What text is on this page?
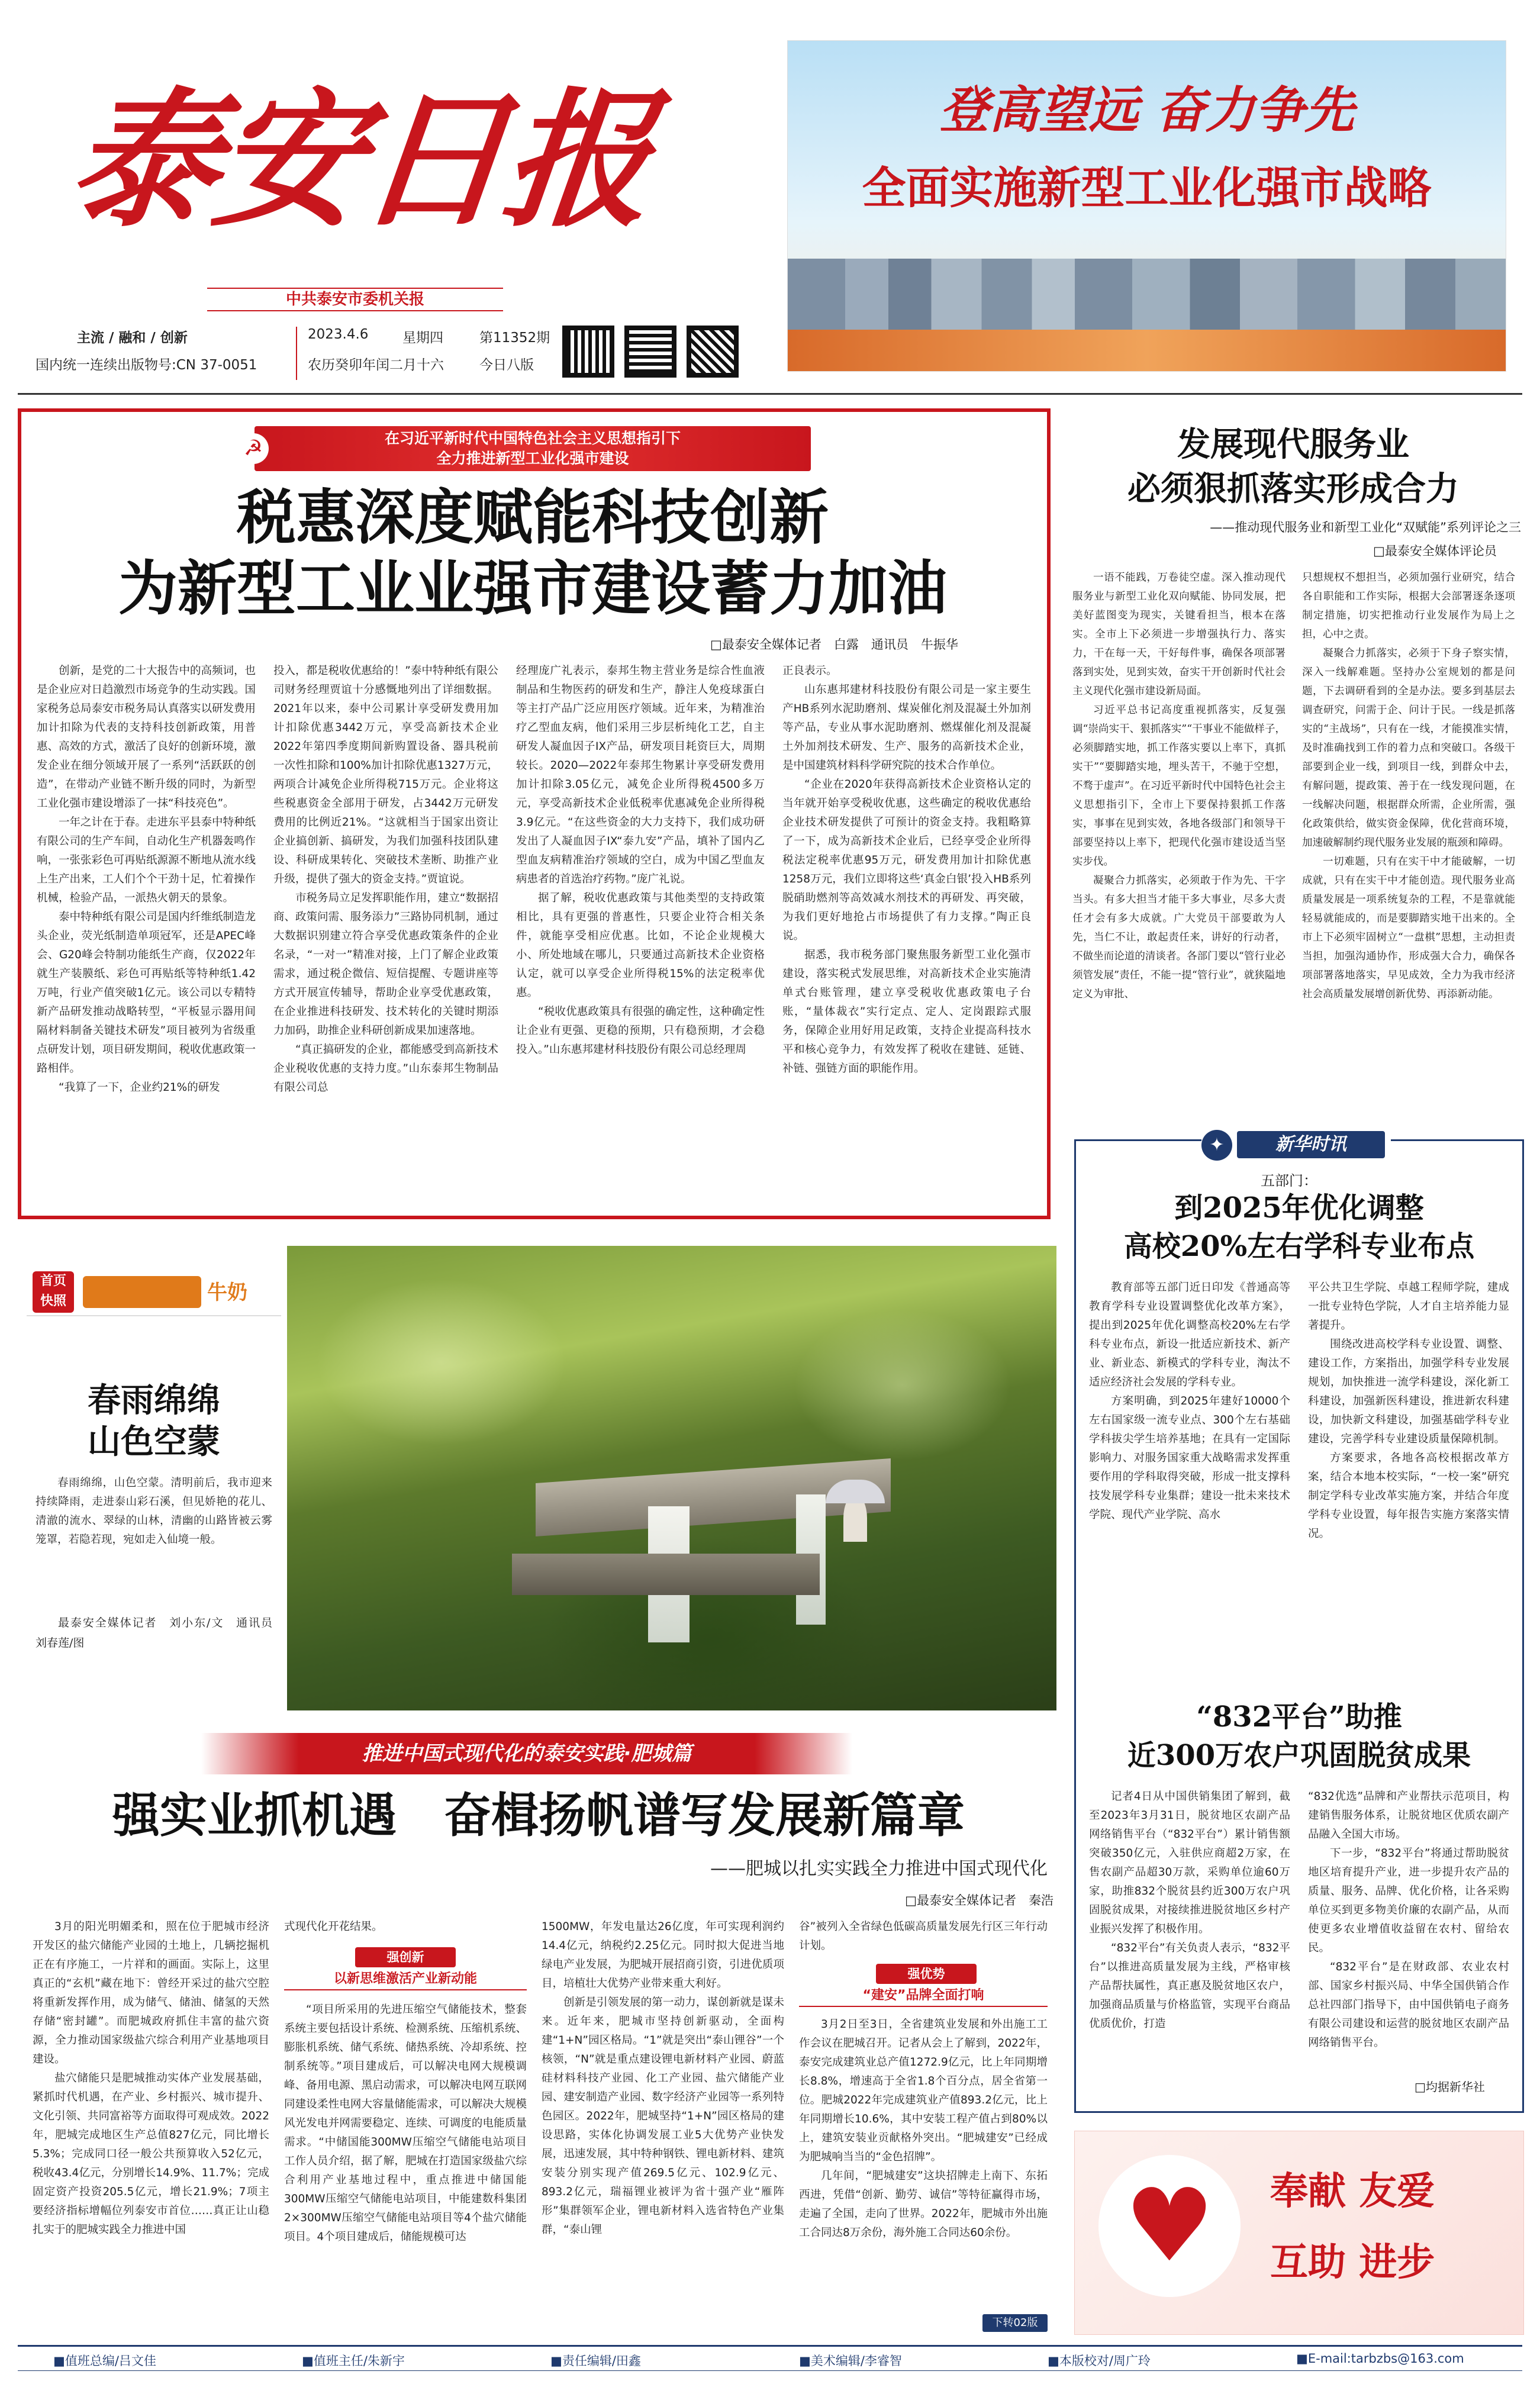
泰安日报
中共泰安市委机关报
主流 / 融和 / 创新
国内统一连续出版物号:CN 37-0051
2023.4.6	星期四	第11352期
农历癸卯年闰二月十六	今日八版
登高望远 奋力争先
全面实施新型工业化强市战略
☭	在习近平新时代中国特色社会主义思想指引下
全力推进新型工业化强市建设
税惠深度赋能科技创新
为新型工业业强市建设蓄力加油
□最泰安全媒体记者　白露　通讯员　牛振华

创新，是党的二十大报告中的高频词，也是企业应对日趋激烈市场竞争的生动实践。国家税务总局泰安市税务局认真落实以研发费用加计扣除为代表的支持科技创新政策，用普惠、高效的方式，激活了良好的创新环境，激发企业在细分领域开展了一系列“活跃跃的创造”，在带动产业链不断升级的同时，为新型工业化强市建设增添了一抹“科技亮色”。

一年之计在于春。走进东平县泰中特种纸有限公司的生产车间，自动化生产机器轰鸣作响，一张张彩色可再贴纸源源不断地从流水线上生产出来，工人们个个干劲十足，忙着操作机械，检验产品，一派热火朝天的景象。

泰中特种纸有限公司是国内纤维纸制造龙头企业，荧光纸制造单项冠军，还是APEC峰会、G20峰会特制功能纸生产商，仅2022年就生产装膜纸、彩色可再贴纸等特种纸1.42万吨，行业产值突破1亿元。该公司以专精特新产品研发推动战略转型，“平板显示器用间隔材料制备关键技术研发”项目被列为省级重点研发计划，项目研发期间，税收优惠政策一路相伴。

“我算了一下，企业约21%的研发

投入，都是税收优惠给的！”泰中特种纸有限公司财务经理贾谊十分感慨地列出了详细数据。2021年以来，泰中公司累计享受研发费用加计扣除优惠3442万元，享受高新技术企业2022年第四季度期间新购置设备、器具税前一次性扣除和100%加计扣除优惠1327万元，两项合计减免企业所得税715万元。企业将这些税惠资金全部用于研发，占3442万元研发费用的比例近21%。“这就相当于国家出资让企业搞创新、搞研发，为我们加强科技团队建设、科研成果转化、突破技术垄断、助推产业升级，提供了强大的资金支持。”贾谊说。

市税务局立足发挥职能作用，建立“数据招商、政策问需、服务添力”三路协同机制，通过大数据识别建立符合享受优惠政策条件的企业名录，“一对一”精准对接，上门了解企业政策需求，通过税企微信、短信提醒、专题讲座等方式开展宣传辅导，帮助企业享受优惠政策，在企业推进科技研发、技术转化的关键时期添力加码，助推企业科研创新成果加速落地。

“真正搞研发的企业，都能感受到高新技术企业税收优惠的支持力度。”山东泰邦生物制品有限公司总

经理庞广礼表示，泰邦生物主营业务是综合性血液制品和生物医药的研发和生产，静注人免疫球蛋白等主打产品广泛应用医疗领域。近年来，为精准治疗乙型血友病，他们采用三步层析纯化工艺，自主研发人凝血因子IX产品，研发项目耗资巨大，周期较长。2020—2022年泰邦生物累计享受研发费用加计扣除3.05亿元，减免企业所得税4500多万元，享受高新技术企业低税率优惠减免企业所得税3.9亿元。“在这些资金的大力支持下，我们成功研发出了人凝血因子IX“泰九安”产品，填补了国内乙型血友病精准治疗领域的空白，成为中国乙型血友病患者的首选治疗药物。”庞广礼说。

据了解，税收优惠政策与其他类型的支持政策相比，具有更强的普惠性，只要企业符合相关条件，就能享受相应优惠。比如，不论企业规模大小、所处地域在哪儿，只要通过高新技术企业资格认定，就可以享受企业所得税15%的法定税率优惠。

“税收优惠政策具有很强的确定性，这种确定性让企业有更强、更稳的预期，只有稳预期，才会稳投入。”山东惠邦建材科技股份有限公司总经理周

正良表示。

山东惠邦建材科技股份有限公司是一家主要生产HB系列水泥助磨剂、煤炭催化剂及混凝土外加剂等产品，专业从事水泥助磨剂、燃煤催化剂及混凝土外加剂技术研发、生产、服务的高新技术企业，是中国建筑材料科学研究院的技术合作单位。

“企业在2020年获得高新技术企业资格认定的当年就开始享受税收优惠，这些确定的税收优惠给企业技术研发提供了可预计的资金支持。我粗略算了一下，成为高新技术企业后，已经享受企业所得税法定税率优惠95万元，研发费用加计扣除优惠1258万元，我们立即将这些‘真金白银’投入HB系列脱硝助燃剂等高效减水剂技术的再研发、再突破，为我们更好地抢占市场提供了有力支撑。”陶正良说。

据悉，我市税务部门聚焦服务新型工业化强市建设，落实税式发展思维，对高新技术企业实施清单式台账管理，建立享受税收优惠政策电子台账，“量体裁衣”实行定点、定人、定岗跟踪式服务，保障企业用好用足政策，支持企业提高科技水平和核心竞争力，有效发挥了税收在建链、延链、补链、强链方面的职能作用。

发展现代服务业
必须狠抓落实形成合力
——推动现代服务业和新型工业化“双赋能”系列评论之三
□最泰安全媒体评论员

一语不能践，万卷徒空虚。深入推动现代服务业与新型工业化双向赋能、协同发展，把美好蓝图变为现实，关键看担当，根本在落实。全市上下必须进一步增强执行力、落实力，干在每一天，干好每件事，确保各项部署落到实处，见到实效，奋实干开创新时代社会主义现代化强市建设新局面。

习近平总书记高度重视抓落实，反复强调“崇尚实干、狠抓落实”“干事业不能做样子，必须脚踏实地，抓工作落实要以上率下，真抓实干”“要脚踏实地，埋头苦干，不驰于空想，不骛于虚声”。在习近平新时代中国特色社会主义思想指引下，全市上下要保持狠抓工作落实，事事在见到实效，各地各级部门和领导干部要坚持以上率下，把现代化强市建设适当坚实步伐。

凝聚合力抓落实，必须敢于作为先、干字当头。有多大担当才能干多大事业，尽多大责任才会有多大成就。广大党员干部要敢为人先，当仁不让，敢起责任来，讲好的行动者，不做坐而论道的清谈者。各部门要以“管行业必须管发展”责任，不能一提“管行业”，就狭隘地定义为审批、

只想规权不想担当，必须加强行业研究，结合各自职能和工作实际，根据大会部署逐条逐项制定措施，切实把推动行业发展作为局上之担，心中之责。

凝聚合力抓落实，必须于下身子察实情，深入一线解难题。坚持办公室规划的都是问题，下去调研看到的全是办法。要多到基层去调查研究，问需于企、问计于民。一线是抓落实的“主战场”，只有在一线，才能摸准实情，及时准确找到工作的着力点和突破口。各级干部要到企业一线，到项目一线，到群众中去，有解问题，提政策、善于在一线发现问题，在一线解决问题，根据群众所需，企业所需，强化政策供给，做实资金保障，优化营商环境，加速破解制约现代服务业发展的瓶颈和障碍。

一切难题，只有在实干中才能破解，一切成就，只有在实干中才能创造。现代服务业高质量发展是一项系统复杂的工程，不是靠就能轻易就能成的，而是要脚踏实地干出来的。全市上下必须牢固树立“一盘棋”思想，主动担责当担，加强沟通协作，形成强大合力，确保各项部署落地落实，早见成效，全力为我市经济社会高质量发展增创新优势、再添新动能。

首页
快照	牛奶
春雨绵绵
山色空蒙
春雨绵绵，山色空蒙。清明前后，我市迎来持续降雨，走进泰山彩石溪，但见娇艳的花儿、清澈的流水、翠绿的山林，清幽的山路皆被云雾笼罩，若隐若现，宛如走入仙境一般。
最泰安全媒体记者　刘小东/文　通讯员　刘春莲/图
✦	新华时讯
五部门：
到2025年优化调整
高校20%左右学科专业布点

教育部等五部门近日印发《普通高等教育学科专业设置调整优化改革方案》，提出到2025年优化调整高校20%左右学科专业布点，新设一批适应新技术、新产业、新业态、新模式的学科专业，淘汰不适应经济社会发展的学科专业。

方案明确，到2025年建好10000个左右国家级一流专业点、300个左右基础学科拔尖学生培养基地；在具有一定国际影响力、对服务国家重大战略需求发挥重要作用的学科取得突破，形成一批支撑科技发展学科专业集群；建设一批未来技术学院、现代产业学院、高水

平公共卫生学院、卓越工程师学院，建成一批专业特色学院，人才自主培养能力显著提升。

围绕改进高校学科专业设置、调整、建设工作，方案指出，加强学科专业发展规划，加快推进一流学科建设，深化新工科建设，加强新医科建设，推进新农科建设，加快新文科建设，加强基础学科专业建设，完善学科专业建设质量保障机制。

方案要求，各地各高校根据改革方案，结合本地本校实际，“一校一案”研究制定学科专业改革实施方案，并结合年度学科专业设置，每年报告实施方案落实情况。

“832平台”助推
近300万农户巩固脱贫成果

记者4日从中国供销集团了解到，截至2023年3月31日，脱贫地区农副产品网络销售平台（“832平台”）累计销售额突破350亿元，入驻供应商超2万家，在售农副产品超30万款，采购单位逾60万家，助推832个脱贫县约近300万农户巩固脱贫成果，对接续推进脱贫地区乡村产业振兴发挥了积极作用。

“832平台”有关负责人表示，“832平台”以推进高质量发展为主线，严格审核产品帮扶属性，真正惠及脱贫地区农户，加强商品质量与价格监管，实现平台商品优质优价，打造

“832优选”品牌和产业帮扶示范项目，构建销售服务体系，让脱贫地区优质农副产品融入全国大市场。

下一步，“832平台”将通过帮助脱贫地区培育提升产业，进一步提升农产品的质量、服务、品牌、优化价格，让各采购单位买到更多物美价廉的农副产品，从而使更多农业增值收益留在农村、留给农民。

“832平台”是在财政部、农业农村部、国家乡村振兴局、中华全国供销合作总社四部门指导下，由中国供销电子商务有限公司建设和运营的脱贫地区农副产品网络销售平台。

□均据新华社
♥	奉献 友爱
互助 进步
推进中国式现代化的泰安实践·肥城篇
强实业抓机遇　奋楫扬帆谱写发展新篇章
——肥城以扎实实践全力推进中国式现代化
□最泰安全媒体记者　秦浩

3月的阳光明媚柔和，照在位于肥城市经济开发区的盐穴储能产业园的土地上，几辆挖掘机正在有序施工，一片祥和的画面。实际上，这里真正的“玄机”藏在地下：曾经开采过的盐穴空腔将重新发挥作用，成为储气、储油、储氢的天然存储“密封罐”。而肥城政府抓住丰富的盐穴资源，全力推动国家级盐穴综合利用产业基地项目建设。

盐穴储能只是肥城推动实体产业发展基础，紧抓时代机遇，在产业、乡村振兴、城市提升、文化引领、共同富裕等方面取得可观成效。2022年，肥城完成地区生产总值827亿元，同比增长5.3%；完成同口径一般公共预算收入52亿元，税收43.4亿元，分别增长14.9%、11.7%；完成固定资产投资205.5亿元，增长21.9%；7项主要经济指标增幅位列泰安市首位……真正让山稳扎实于的肥城实践全力推进中国

式现代化开花结果。

强创新
以新思维激活产业新动能

“项目所采用的先进压缩空气储能技术，整套系统主要包括设计系统、检测系统、压缩机系统、膨胀机系统、储气系统、储热系统、冷却系统、控制系统等。”项目建成后，可以解决电网大规模调峰、备用电源、黑启动需求，可以解决电网互联网同建设柔性电网大容量储能需求，可以解决大规模风光发电并网需要稳定、连续、可调度的电能质量需求。“中储国能300MW压缩空气储能电站项目工作人员介绍，据了解，肥城在打造国家级盐穴综合利用产业基地过程中，重点推进中储国能300MW压缩空气储能电站项目，中能建数科集团2×300MW压缩空气储能电站项目等4个盐穴储能项目。4个项目建成后，储能规模可达

1500MW，年发电量达26亿度，年可实现利润约14.4亿元，纳税约2.25亿元。同时拟大促进当地绿电产业发展，为肥城开展招商引资，引进优质项目，培植壮大优势产业带来重大利好。

创新是引领发展的第一动力，谋创新就是谋未来。近年来，肥城市坚持创新驱动，全面构建“1+N”园区格局。“1”就是突出“泰山锂谷”一个核领，“N”就是重点建设锂电新材料产业园、蔚蓝硅材料科技产业园、化工产业园、盐穴储能产业园、建安制造产业园、数字经济产业园等一系列特色园区。2022年，肥城坚持“1+N”园区格局的建设思路，实体化协调发展工业5大优势产业快发展，迅速发展，其中特种钢铁、锂电新材料、建筑安装分别实现产值269.5亿元、102.9亿元、893.2亿元，瑞福锂业被评为省十强产业“雁阵形”集群领军企业，锂电新材料入选省特色产业集群，“泰山锂

谷”被列入全省绿色低碳高质量发展先行区三年行动计划。

强优势
“建安”品牌全面打响

3月2日至3日，全省建筑业发展和外出施工工作会议在肥城召开。记者从会上了解到，2022年，泰安完成建筑业总产值1272.9亿元，比上年同期增长8.8%，增速高于全省1.8个百分点，居全省第一位。肥城2022年完成建筑业产值893.2亿元，比上年同期增长10.6%，其中安装工程产值占到80%以上，建筑安装业贡献格外突出。“肥城建安”已经成为肥城响当当的“金色招牌”。

几年间，“肥城建安”这块招牌走上南下、东拓西进，凭借“创新、勤劳、诚信”等特征赢得市场，走遍了全国，走向了世界。2022年，肥城市外出施工合同达8万余份，海外施工合同达60余份。

下转02版
■值班总编/吕文佳	■值班主任/朱新宇	■责任编辑/田鑫	■美术编辑/李睿智	■本版校对/周广玲	■E-mail:tarbzbs@163.com
